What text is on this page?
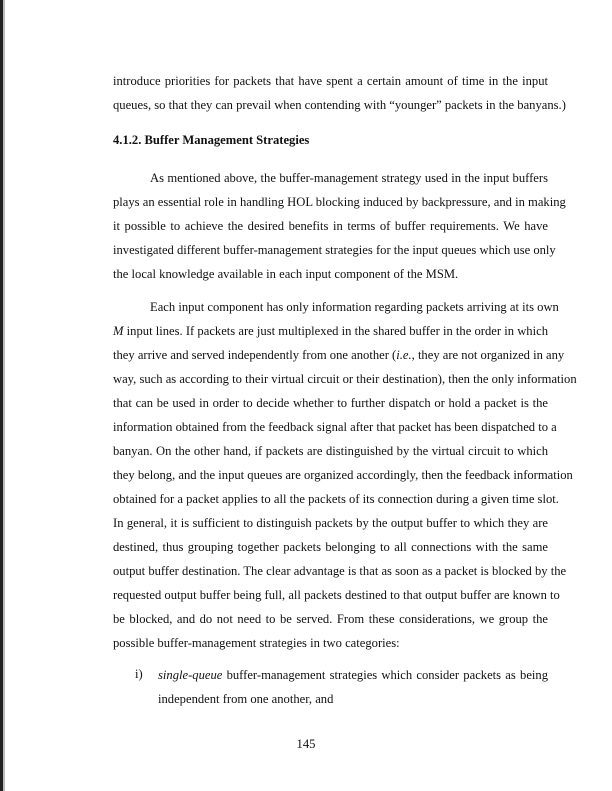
introduce priorities for packets that have spent a certain amount of time in the input
queues, so that they can prevail when contending with “younger” packets in the banyans.)
4.1.2. Buffer Management Strategies
As mentioned above, the buffer-management strategy used in the input buffers
plays an essential role in handling HOL blocking induced by backpressure, and in making
it possible to achieve the desired benefits in terms of buffer requirements. We have
investigated different buffer-management strategies for the input queues which use only
the local knowledge available in each input component of the MSM.
Each input component has only information regarding packets arriving at its own
M input lines. If packets are just multiplexed in the shared buffer in the order in which
they arrive and served independently from one another (i.e., they are not organized in any
way, such as according to their virtual circuit or their destination), then the only information
that can be used in order to decide whether to further dispatch or hold a packet is the
information obtained from the feedback signal after that packet has been dispatched to a
banyan. On the other hand, if packets are distinguished by the virtual circuit to which
they belong, and the input queues are organized accordingly, then the feedback information
obtained for a packet applies to all the packets of its connection during a given time slot.
In general, it is sufficient to distinguish packets by the output buffer to which they are
destined, thus grouping together packets belonging to all connections with the same
output buffer destination. The clear advantage is that as soon as a packet is blocked by the
requested output buffer being full, all packets destined to that output buffer are known to
be blocked, and do not need to be served. From these considerations, we group the
possible buffer-management strategies in two categories:
i) single-queue buffer-management strategies which consider packets as being
independent from one another, and
145
